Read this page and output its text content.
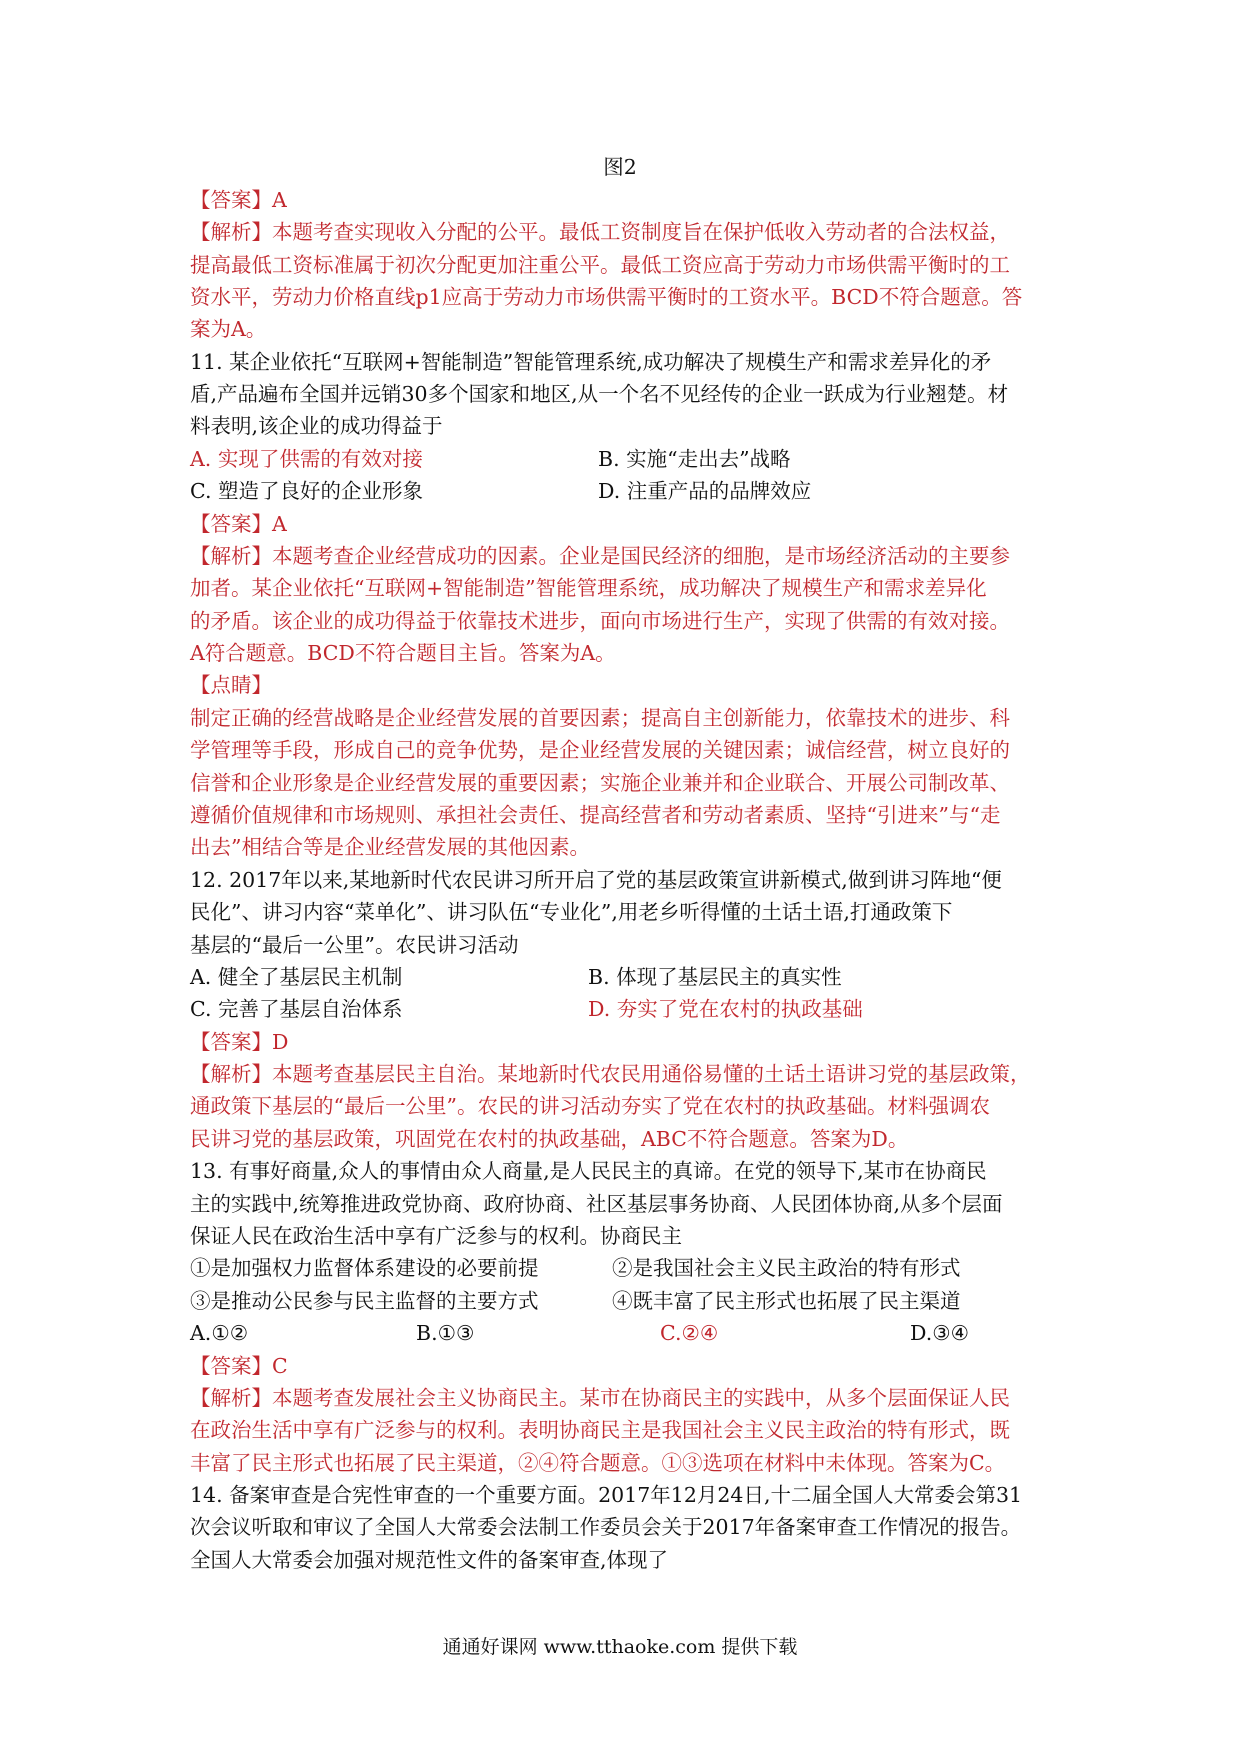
图2
【答案】A
【解析】本题考查实现收入分配的公平。最低工资制度旨在保护低收入劳动者的合法权益，
提高最低工资标准属于初次分配更加注重公平。最低工资应高于劳动力市场供需平衡时的工
资水平，劳动力价格直线p1应高于劳动力市场供需平衡时的工资水平。BCD不符合题意。答
案为A。
11. 某企业依托“互联网+智能制造”智能管理系统,成功解决了规模生产和需求差异化的矛
盾,产品遍布全国并远销30多个国家和地区,从一个名不见经传的企业一跃成为行业翘楚。材
料表明,该企业的成功得益于
A. 实现了供需的有效对接	B. 实施“走出去”战略
C. 塑造了良好的企业形象	D. 注重产品的品牌效应
【答案】A
【解析】本题考查企业经营成功的因素。企业是国民经济的细胞，是市场经济活动的主要参
加者。某企业依托“互联网+智能制造”智能管理系统，成功解决了规模生产和需求差异化
的矛盾。该企业的成功得益于依靠技术进步，面向市场进行生产，实现了供需的有效对接。
A符合题意。BCD不符合题目主旨。答案为A。
【点睛】
制定正确的经营战略是企业经营发展的首要因素；提高自主创新能力，依靠技术的进步、科
学管理等手段，形成自己的竞争优势，是企业经营发展的关键因素；诚信经营，树立良好的
信誉和企业形象是企业经营发展的重要因素；实施企业兼并和企业联合、开展公司制改革、
遵循价值规律和市场规则、承担社会责任、提高经营者和劳动者素质、坚持“引进来”与“走
出去”相结合等是企业经营发展的其他因素。
12. 2017年以来,某地新时代农民讲习所开启了党的基层政策宣讲新模式,做到讲习阵地“便
民化”、讲习内容“菜单化”、讲习队伍“专业化”,用老乡听得懂的土话土语,打通政策下
基层的“最后一公里”。农民讲习活动
A. 健全了基层民主机制	B. 体现了基层民主的真实性
C. 完善了基层自治体系	D. 夯实了党在农村的执政基础
【答案】D
【解析】本题考查基层民主自治。某地新时代农民用通俗易懂的土话土语讲习党的基层政策，
通政策下基层的“最后一公里”。农民的讲习活动夯实了党在农村的执政基础。材料强调农
民讲习党的基层政策，巩固党在农村的执政基础，ABC不符合题意。答案为D。
13. 有事好商量,众人的事情由众人商量,是人民民主的真谛。在党的领导下,某市在协商民
主的实践中,统筹推进政党协商、政府协商、社区基层事务协商、人民团体协商,从多个层面
保证人民在政治生活中享有广泛参与的权利。协商民主
①是加强权力监督体系建设的必要前提	②是我国社会主义民主政治的特有形式
③是推动公民参与民主监督的主要方式	④既丰富了民主形式也拓展了民主渠道
A.①②	B.①③	C.②④	D.③④
【答案】C
【解析】本题考查发展社会主义协商民主。某市在协商民主的实践中，从多个层面保证人民
在政治生活中享有广泛参与的权利。表明协商民主是我国社会主义民主政治的特有形式，既
丰富了民主形式也拓展了民主渠道，②④符合题意。①③选项在材料中未体现。答案为C。
14. 备案审查是合宪性审查的一个重要方面。2017年12月24日,十二届全国人大常委会第31
次会议听取和审议了全国人大常委会法制工作委员会关于2017年备案审查工作情况的报告。
全国人大常委会加强对规范性文件的备案审查,体现了
通通好课网 www.tthaoke.com 提供下载
